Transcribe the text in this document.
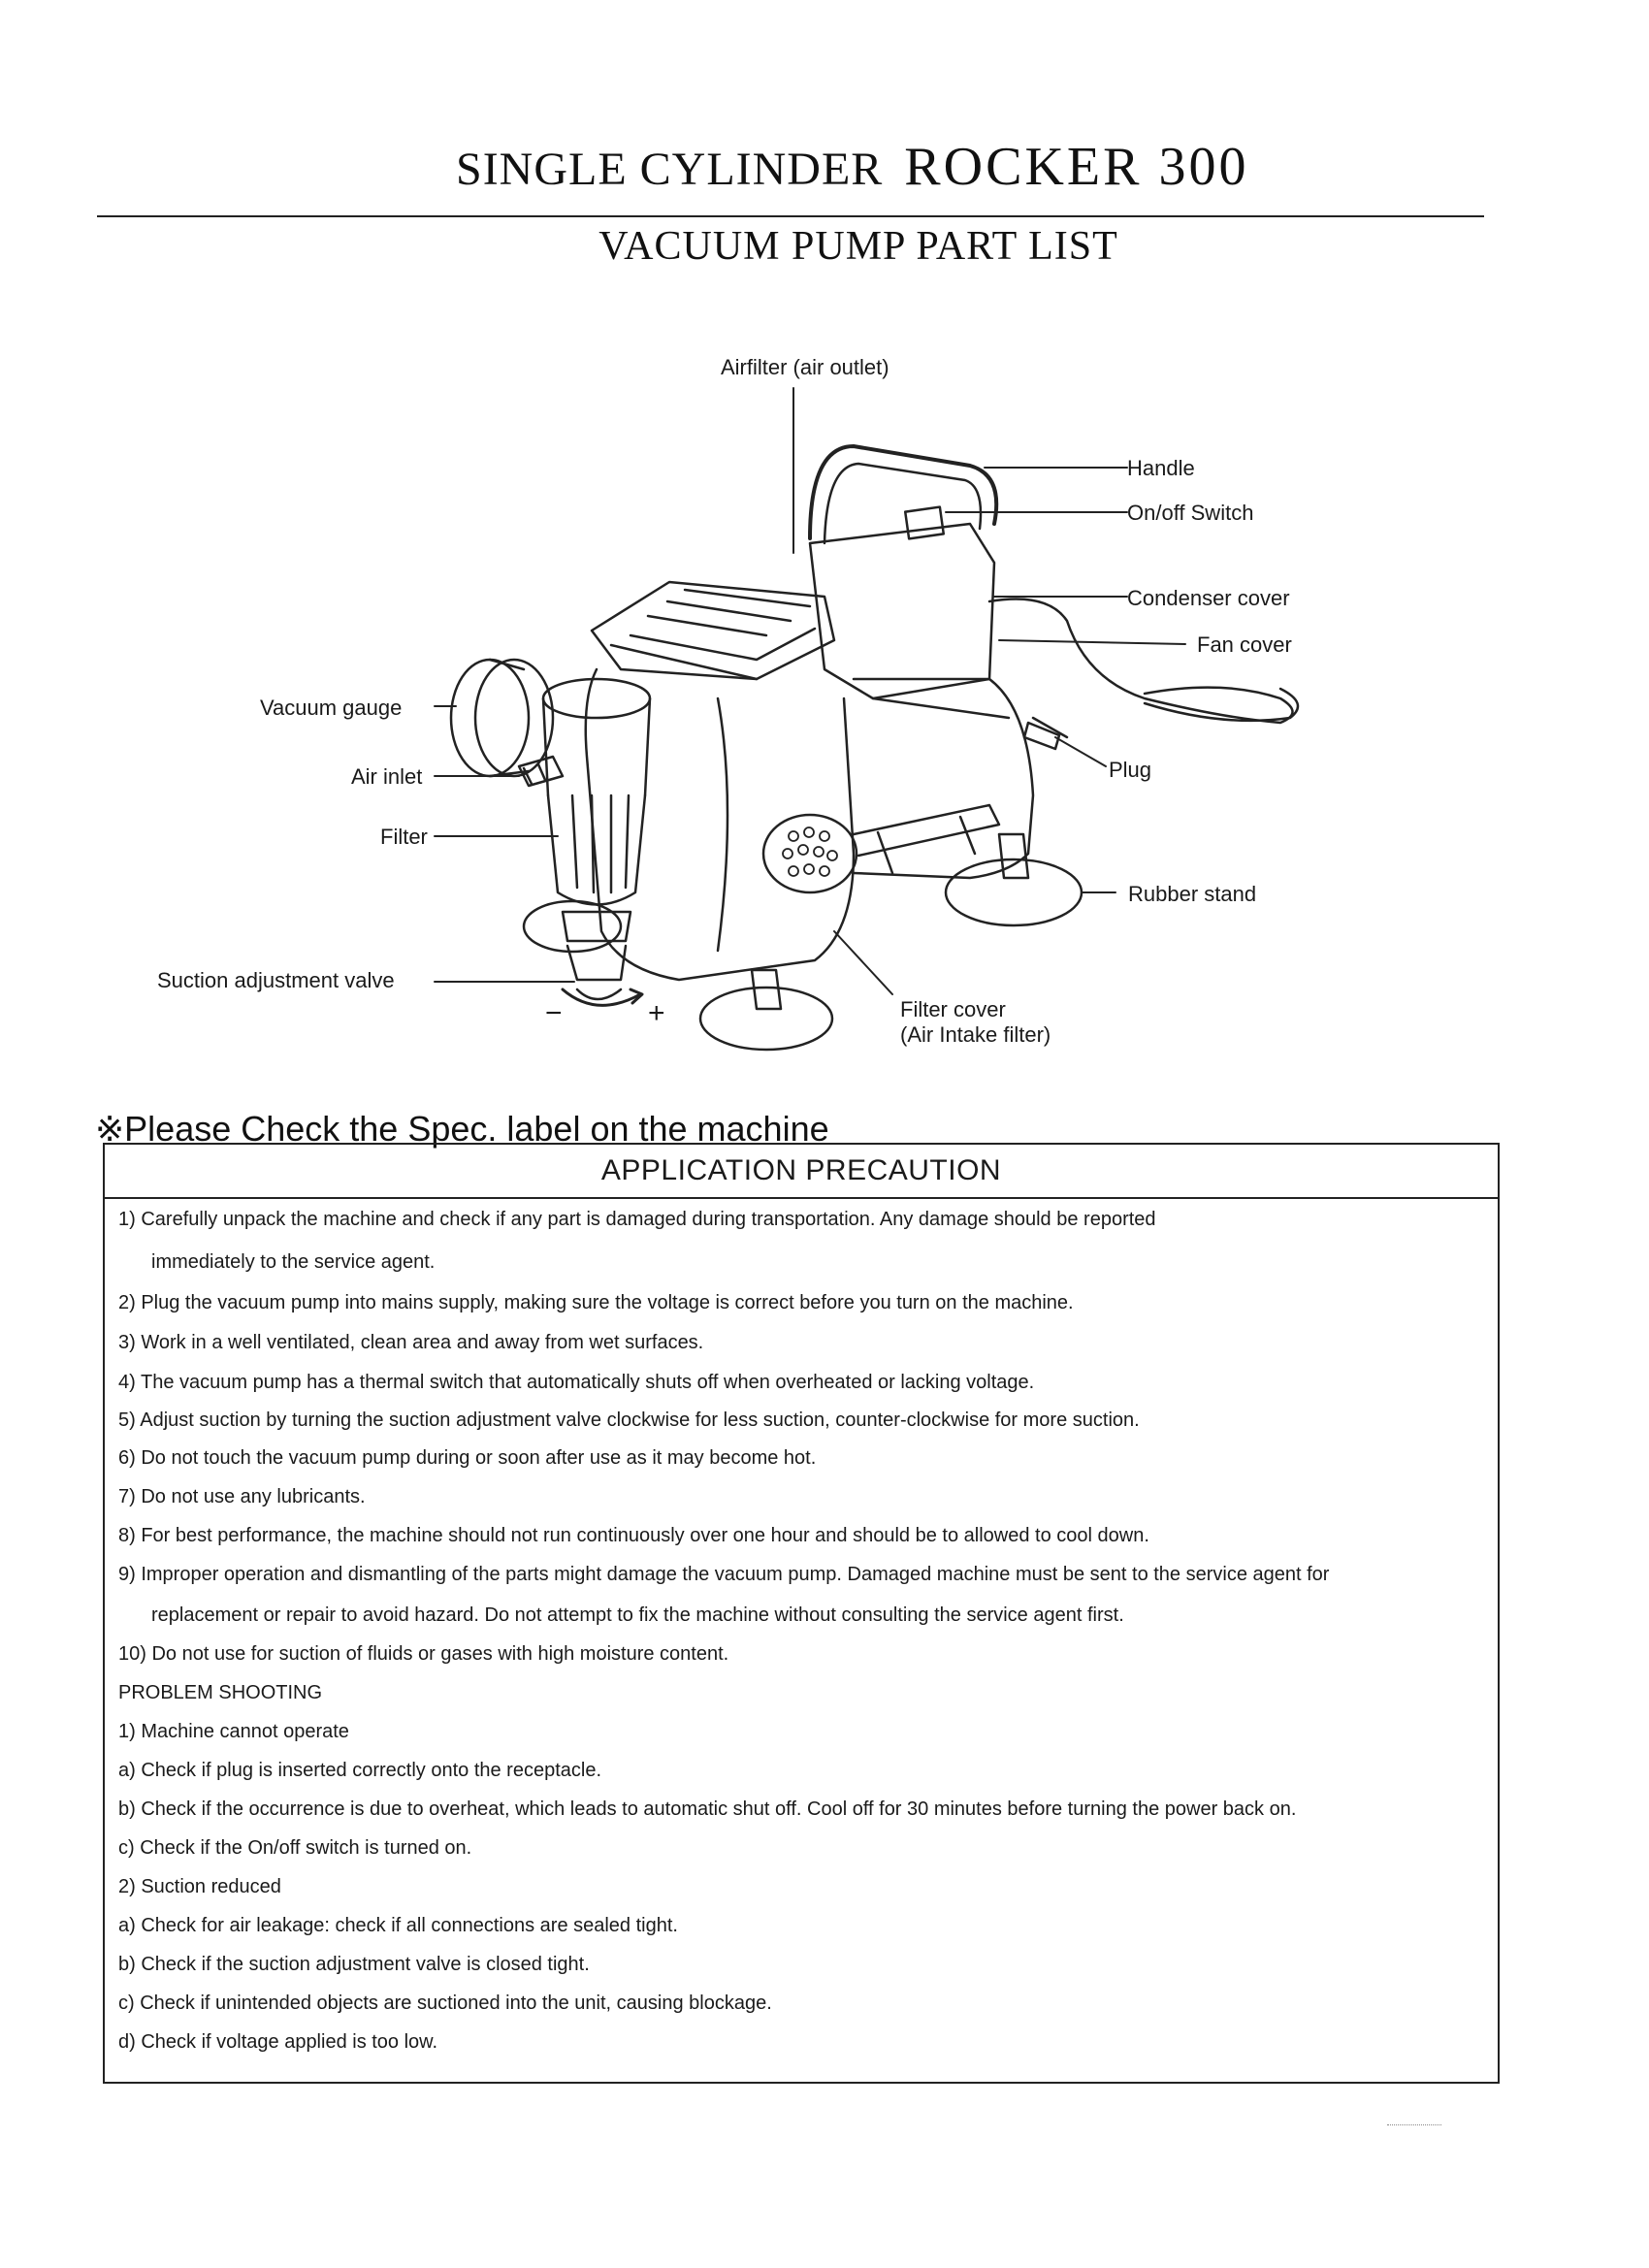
SINGLE CYLINDER ROCKER 300
VACUUM PUMP PART LIST
Airfilter (air outlet)
Handle
On/off Switch
Condenser cover
Fan cover
Vacuum gauge
Air inlet
Filter
Plug
Rubber stand
Suction adjustment valve
−	+	Filter cover
(Air Intake filter)
※Please Check the Spec. label on the machine
APPLICATION PRECAUTION
1) Carefully unpack the machine and check if any part is damaged during transportation. Any damage should be reported
immediately to the service agent.
2) Plug the vacuum pump into mains supply, making sure the voltage is correct before you turn on the machine.
3) Work in a well ventilated, clean area and away from wet surfaces.
4) The vacuum pump has a thermal switch that automatically shuts off when overheated or lacking voltage.
5) Adjust suction by turning the suction adjustment valve clockwise for less suction, counter-clockwise for more suction.
6) Do not touch the vacuum pump during or soon after use as it may become hot.
7) Do not use any lubricants.
8) For best performance, the machine should not run continuously over one hour and should be to allowed to cool down.
9) Improper operation and dismantling of the parts might damage the vacuum pump. Damaged machine must be sent to the service agent for
replacement or repair to avoid hazard. Do not attempt to fix the machine without consulting the service agent first.
10) Do not use for suction of fluids or gases with high moisture content.
PROBLEM SHOOTING
1) Machine cannot operate
a) Check if plug is inserted correctly onto the receptacle.
b) Check if the occurrence is due to overheat, which leads to automatic shut off. Cool off for 30 minutes before turning the power back on.
c) Check if the On/off switch is turned on.
2) Suction reduced
a) Check for air leakage: check if all connections are sealed tight.
b) Check if the suction adjustment valve is closed tight.
c) Check if unintended objects are suctioned into the unit, causing blockage.
d) Check if voltage applied is too low.
